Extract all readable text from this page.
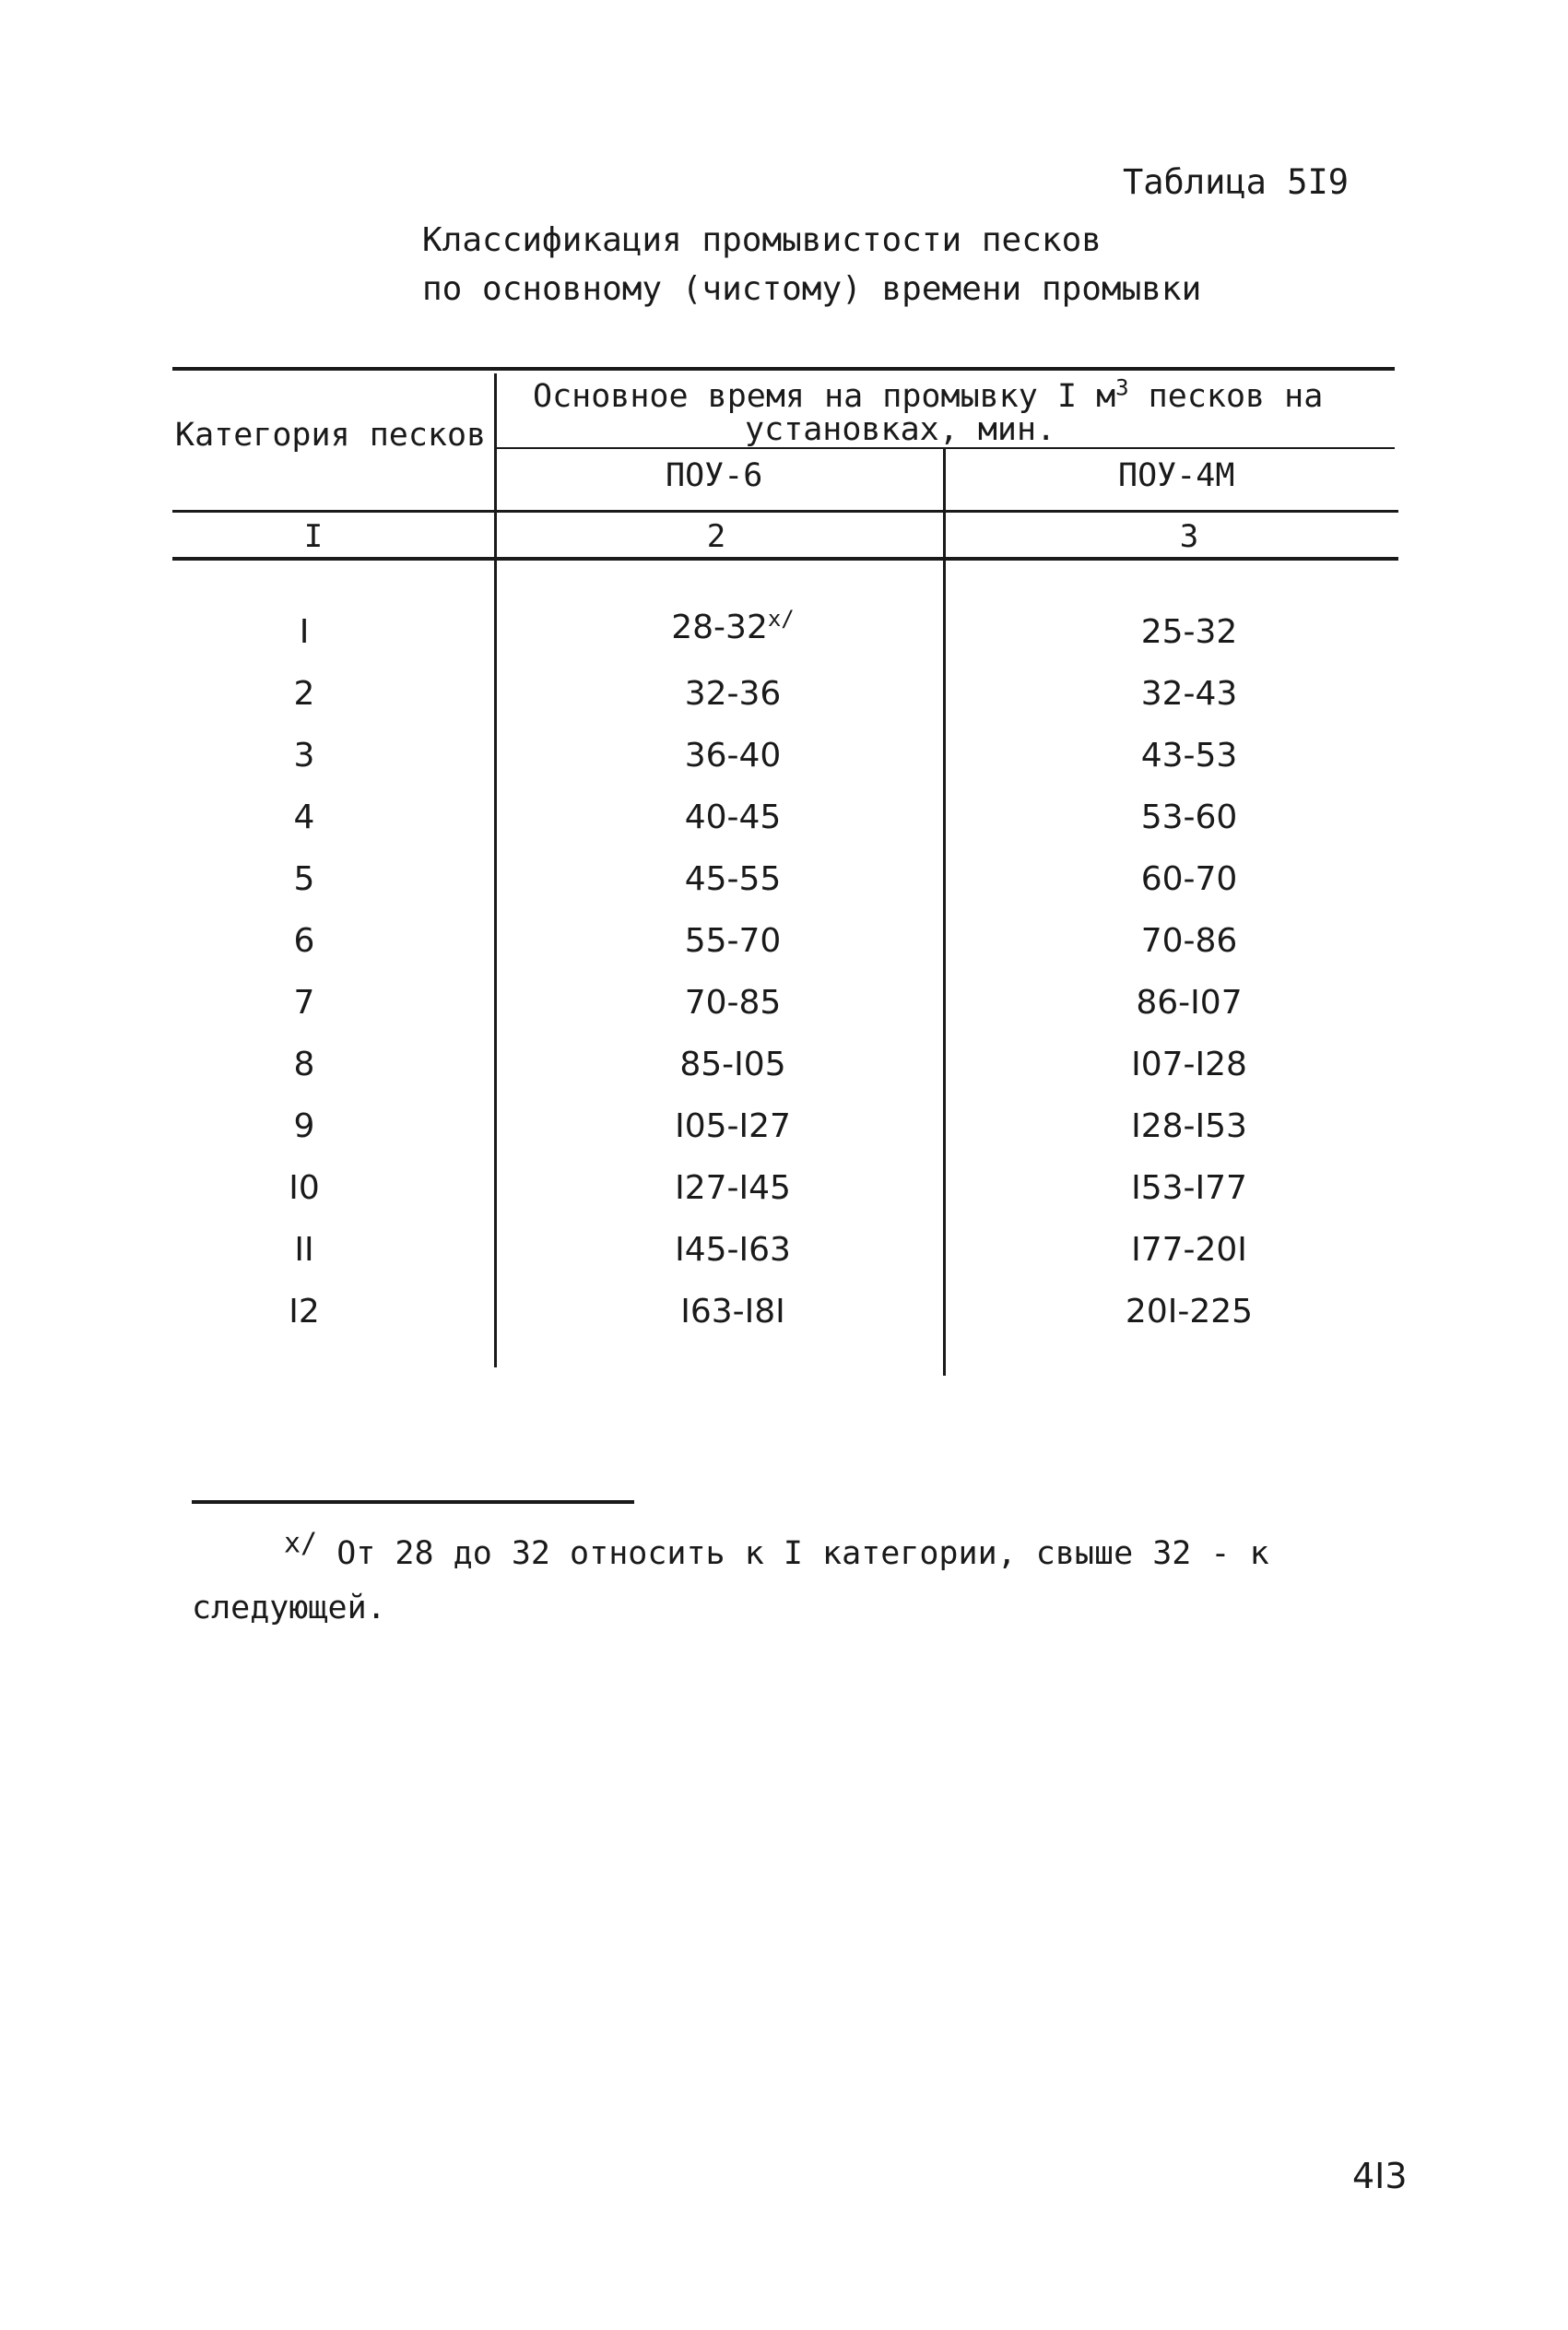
Таблица 5I9
Классификация промывистости песков
по основному (чистому) времени промывки
Основное время на промывку I $м^3$ песков на
установках, мин.
Категория песков
ПОУ-6	ПОУ-4М
I	2	3
I	$28-32^{x/}$	25-32
2	32-36	32-43
3	36-40	43-53
4	40-45	53-60
5	45-55	60-70
6	55-70	70-86
7	70-85	86-I07
8	85-I05	I07-I28
9	I05-I27	I28-I53
I0	I27-I45	I53-I77
II	I45-I63	I77-20I
I2	I63-I8I	20I-225
$^{x/}$ От 28 до 32 относить к I категории, свыше 32 - к
следующей.
4I3
